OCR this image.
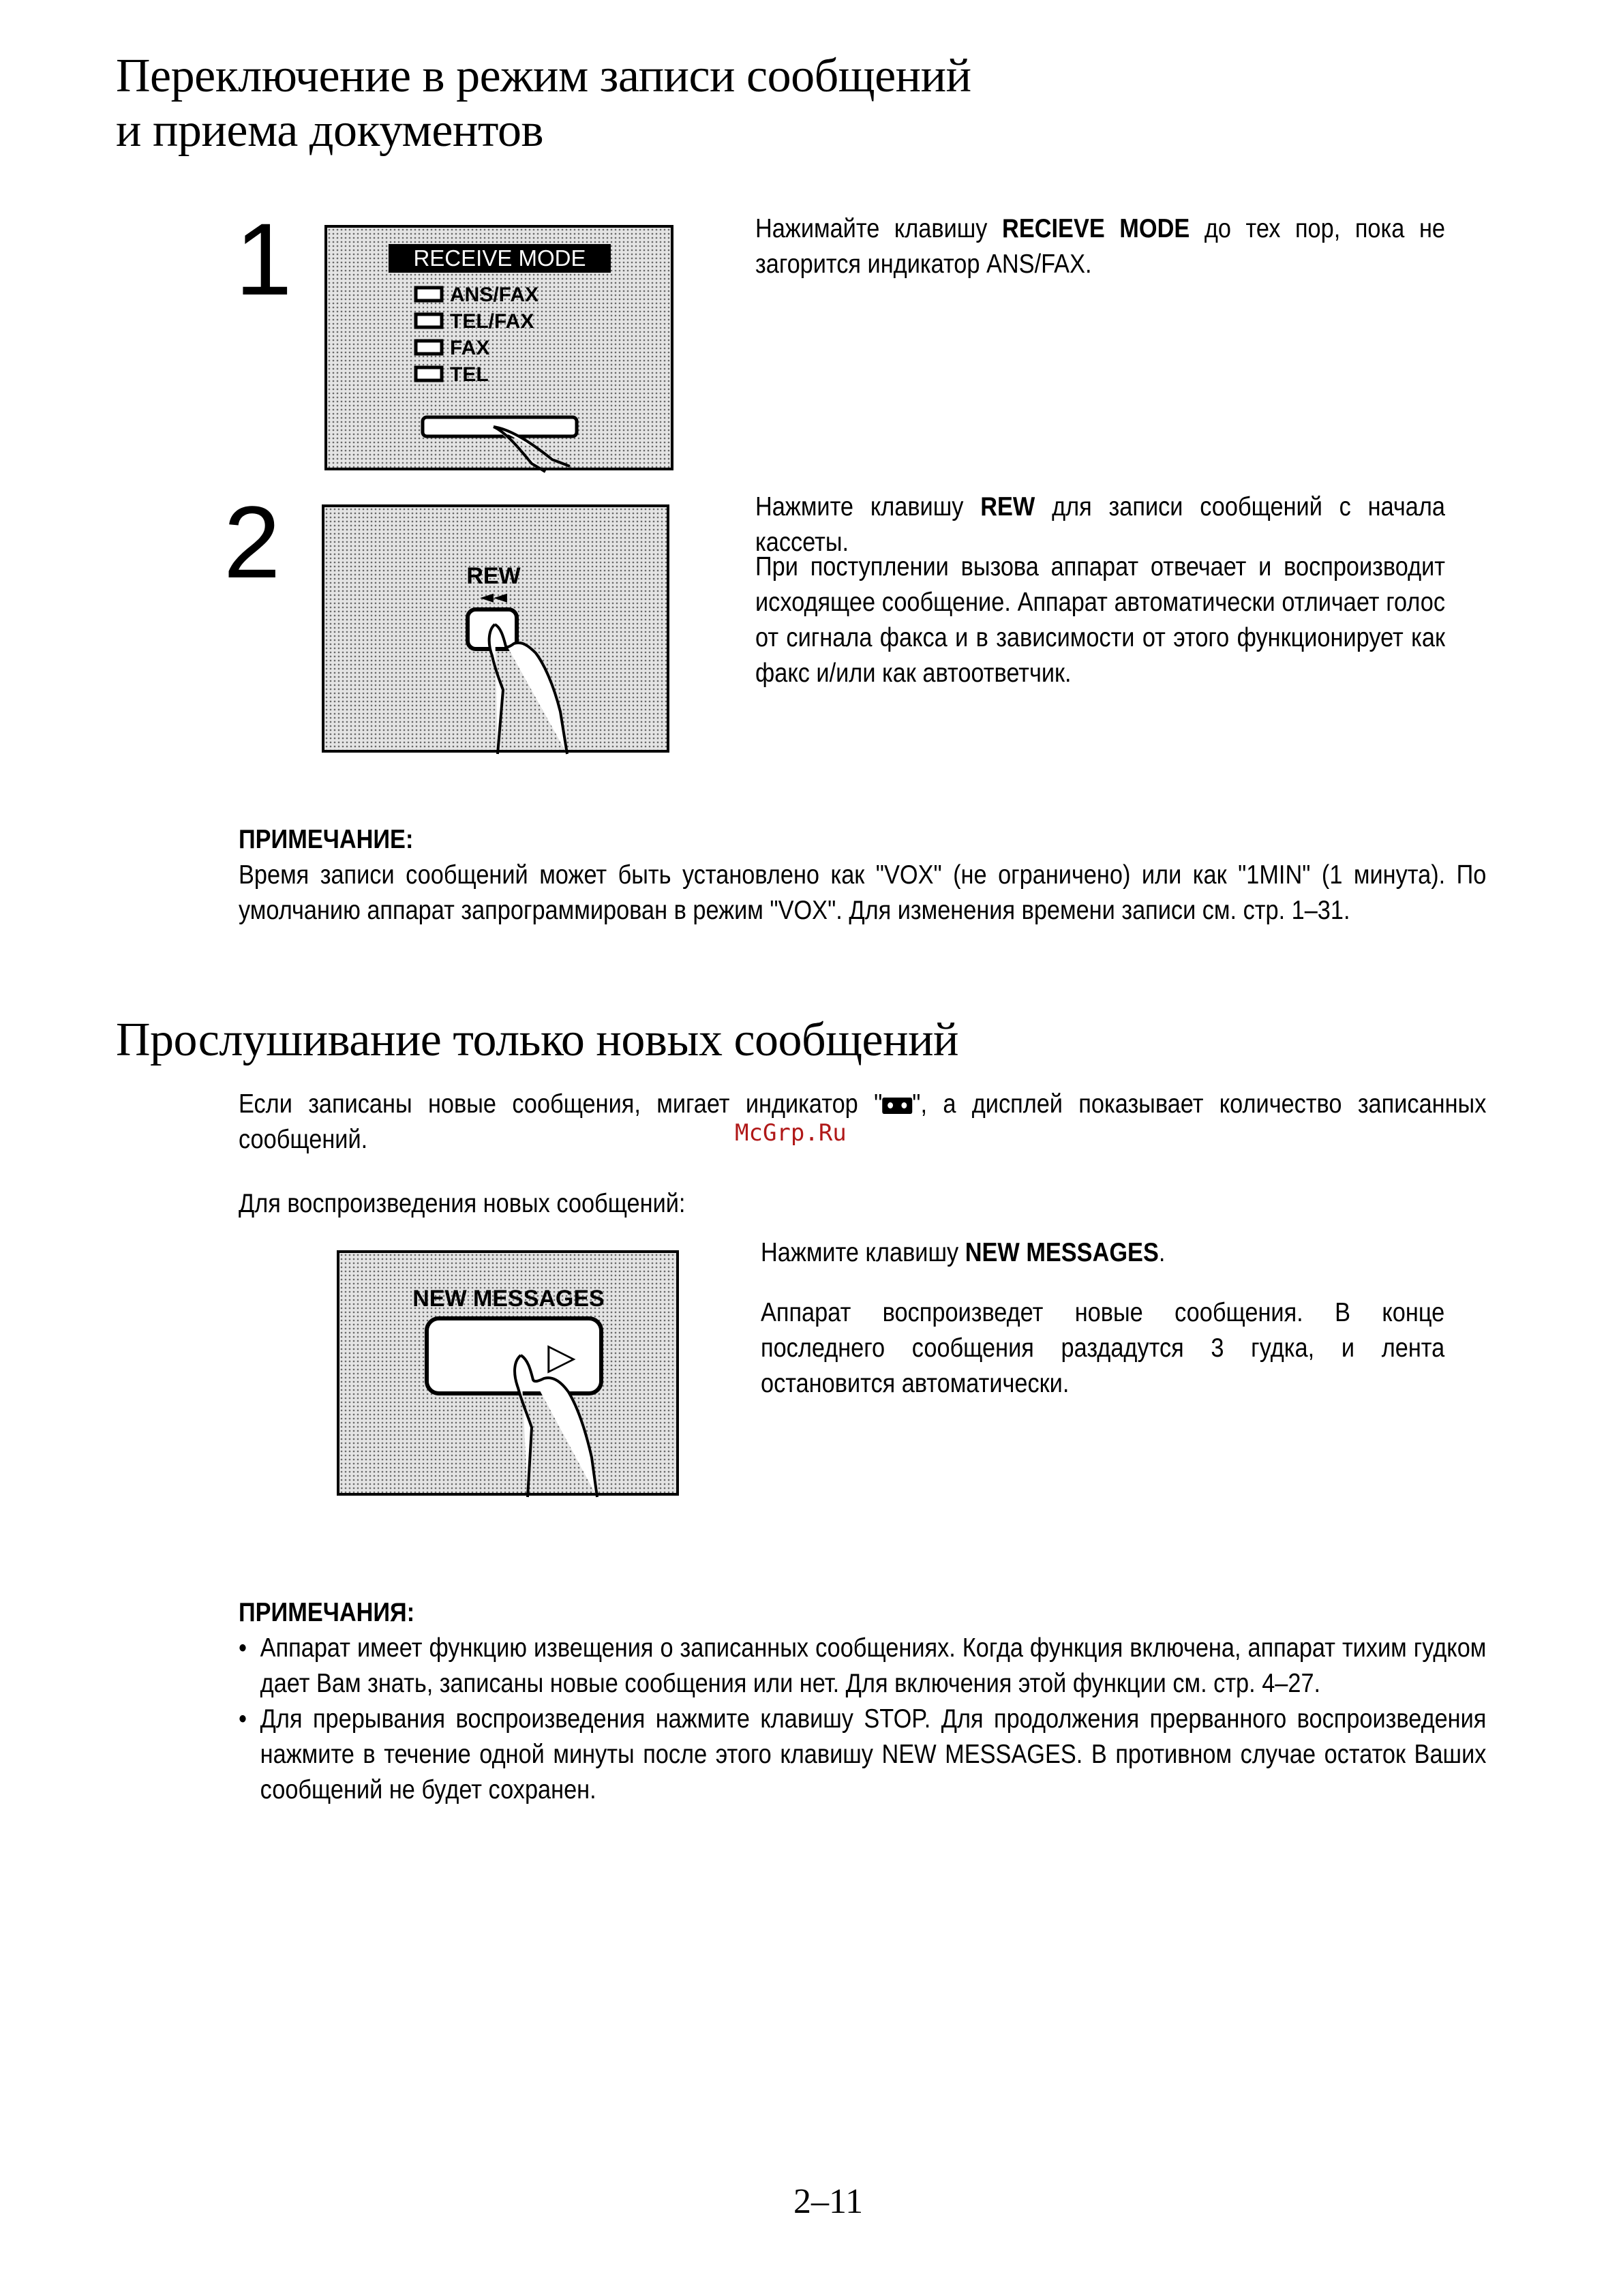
Переключение в режим записи сообщений
и приема документов
1	RECEIVE MODE
ANS/FAX
TEL/FAX
FAX
TEL
Нажимайте клавишу RECIEVE MODE до тех пор, пока не загорится индикатор ANS/FAX.
2	REW
◄◄
Нажмите клавишу REW для записи сообщений с начала кассеты.
При поступлении вызова аппарат отвечает и воспроизводит исходящее сообщение. Аппарат автоматически отличает голос от сигнала факса и в зависимости от этого функционирует как факс и/или как автоответчик.
ПРИМЕЧАНИЕ:
Время записи сообщений может быть установлено как "VOX" (не ограничено) или как "1MIN" (1 минута). По умолчанию аппарат запрограммирован в режим "VOX". Для изменения времени записи см. стр. 1–31.
Прослушивание только новых сообщений
Если записаны новые сообщения, мигает индикатор " ", а дисплей показывает количество записанных сообщений.	McGrp.Ru
Для воспроизведения новых сообщений:
NEW MESSAGES
▷
Нажмите клавишу NEW MESSAGES.
Аппарат воспроизведет новые сообщения. В конце последнего сообщения раздадутся 3 гудка, и лента остановится автоматически.
ПРИМЕЧАНИЯ:
• Аппарат имеет функцию извещения о записанных сообщениях. Когда функция включена, аппарат тихим гудком дает Вам знать, записаны новые сообщения или нет. Для включения этой функции см. стр. 4–27.
• Для прерывания воспроизведения нажмите клавишу STOP. Для продолжения прерванного воспроизведения нажмите в течение одной минуты после этого клавишу NEW MESSAGES. В противном случае остаток Ваших сообщений не будет сохранен.
2–11
